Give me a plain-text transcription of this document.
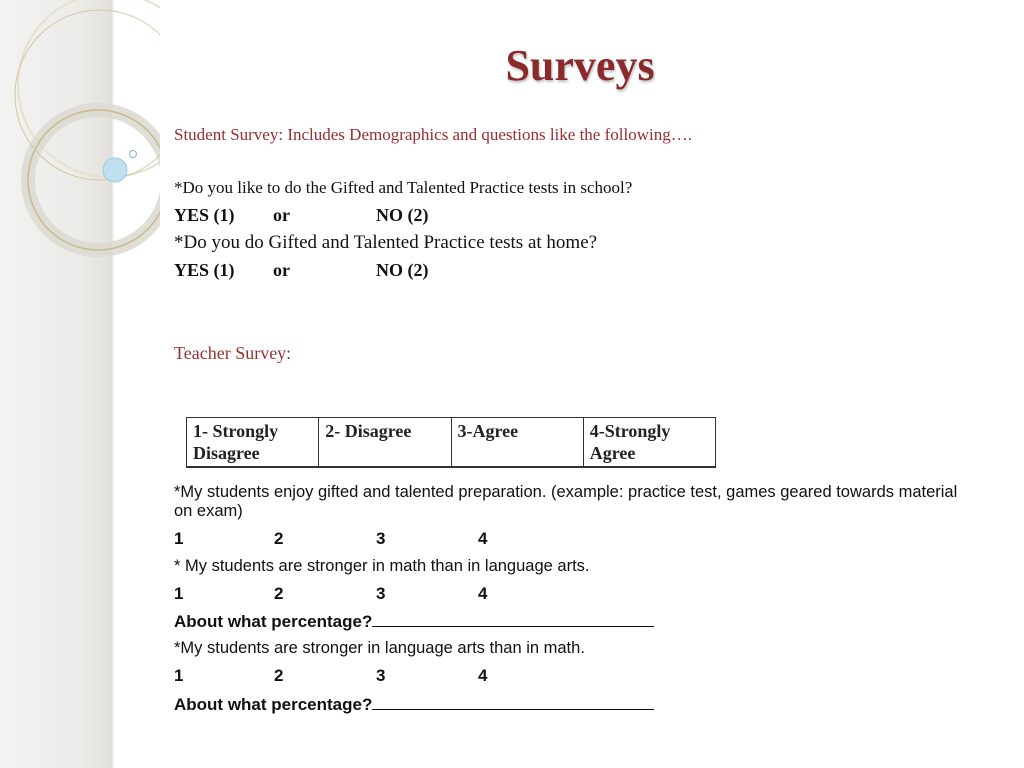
Surveys
Student Survey: Includes Demographics and questions like the following….
*Do you like to do the Gifted and Talented Practice tests in school?
YES (1) or	NO (2)
*Do you do Gifted and Talented Practice tests at home?
YES (1) or	NO (2)
Teacher Survey:
1- Strongly Disagree	2- Disagree	3-Agree	4-Strongly Agree
*My students enjoy gifted and talented preparation. (example: practice test, games geared towards material on exam)
1	2	3	4
* My students are stronger in math than in language arts.
1	2	3	4
About what percentage?
*My students are stronger in language arts than in math.
1	2	3	4
About what percentage?
